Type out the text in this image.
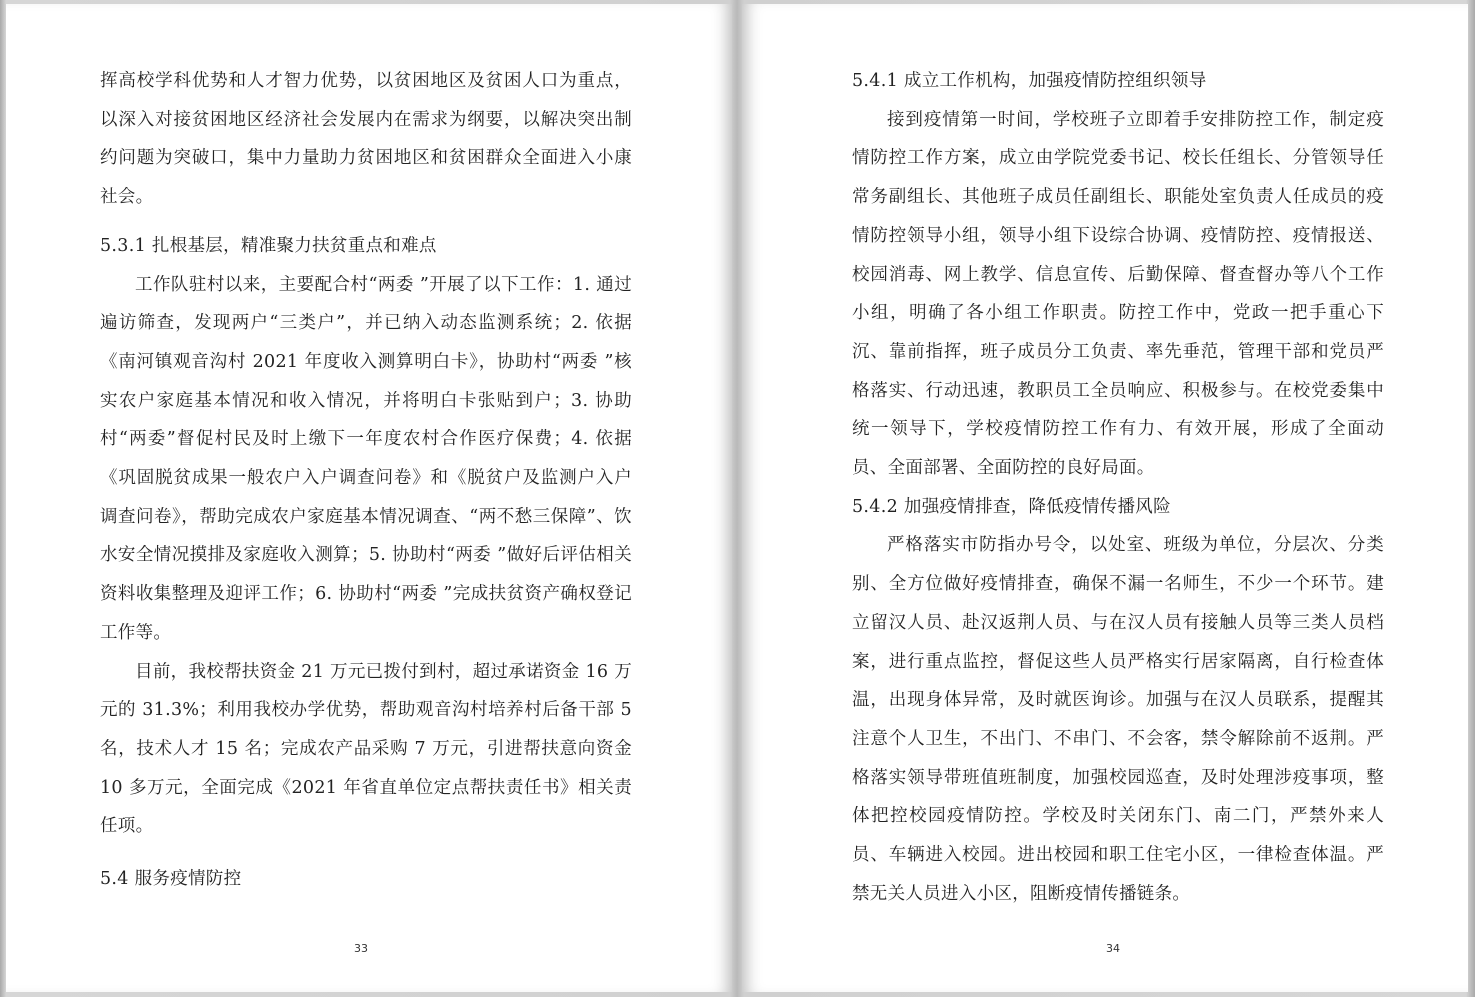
挥高校学科优势和人才智力优势，以贫困地区及贫困人口为重点，以深入对接贫困地区经济社会发展内在需求为纲要，以解决突出制约问题为突破口，集中力量助力贫困地区和贫困群众全面进入小康社会。

5.3.1 扎根基层，精准聚力扶贫重点和难点

工作队驻村以来，主要配合村“两委 ”开展了以下工作：1. 通过遍访筛查，发现两户“三类户”，并已纳入动态监测系统；2. 依据《南河镇观音沟村 2021 年度收入测算明白卡》，协助村“两委 ”核实农户家庭基本情况和收入情况，并将明白卡张贴到户；3. 协助村“两委”督促村民及时上缴下一年度农村合作医疗保费；4. 依据《巩固脱贫成果一般农户入户调查问卷》和《脱贫户及监测户入户调查问卷》，帮助完成农户家庭基本情况调查、“两不愁三保障”、饮水安全情况摸排及家庭收入测算；5. 协助村“两委 ”做好后评估相关资料收集整理及迎评工作；6. 协助村“两委 ”完成扶贫资产确权登记工作等。

目前，我校帮扶资金 21 万元已拨付到村，超过承诺资金 16 万元的 31.3%；利用我校办学优势，帮助观音沟村培养村后备干部 5 名，技术人才 15 名；完成农产品采购 7 万元，引进帮扶意向资金 10 多万元，全面完成《2021 年省直单位定点帮扶责任书》相关责任项。

5.4 服务疫情防控
33
5.4.1 成立工作机构，加强疫情防控组织领导

接到疫情第一时间，学校班子立即着手安排防控工作，制定疫情防控工作方案，成立由学院党委书记、校长任组长、分管领导任常务副组长、其他班子成员任副组长、职能处室负责人任成员的疫情防控领导小组，领导小组下设综合协调、疫情防控、疫情报送、校园消毒、网上教学、信息宣传、后勤保障、督查督办等八个工作小组，明确了各小组工作职责。防控工作中，党政一把手重心下沉、靠前指挥，班子成员分工负责、率先垂范，管理干部和党员严格落实、行动迅速，教职员工全员响应、积极参与。在校党委集中统一领导下，学校疫情防控工作有力、有效开展，形成了全面动员、全面部署、全面防控的良好局面。

5.4.2 加强疫情排查，降低疫情传播风险

严格落实市防指办号令，以处室、班级为单位，分层次、分类别、全方位做好疫情排查，确保不漏一名师生，不少一个环节。建立留汉人员、赴汉返荆人员、与在汉人员有接触人员等三类人员档案，进行重点监控，督促这些人员严格实行居家隔离，自行检查体温，出现身体异常，及时就医询诊。加强与在汉人员联系，提醒其注意个人卫生，不出门、不串门、不会客，禁令解除前不返荆。严格落实领导带班值班制度，加强校园巡查，及时处理涉疫事项，整体把控校园疫情防控。学校及时关闭东门、南二门，严禁外来人员、车辆进入校园。进出校园和职工住宅小区，一律检查体温。严禁无关人员进入小区，阻断疫情传播链条。

34
